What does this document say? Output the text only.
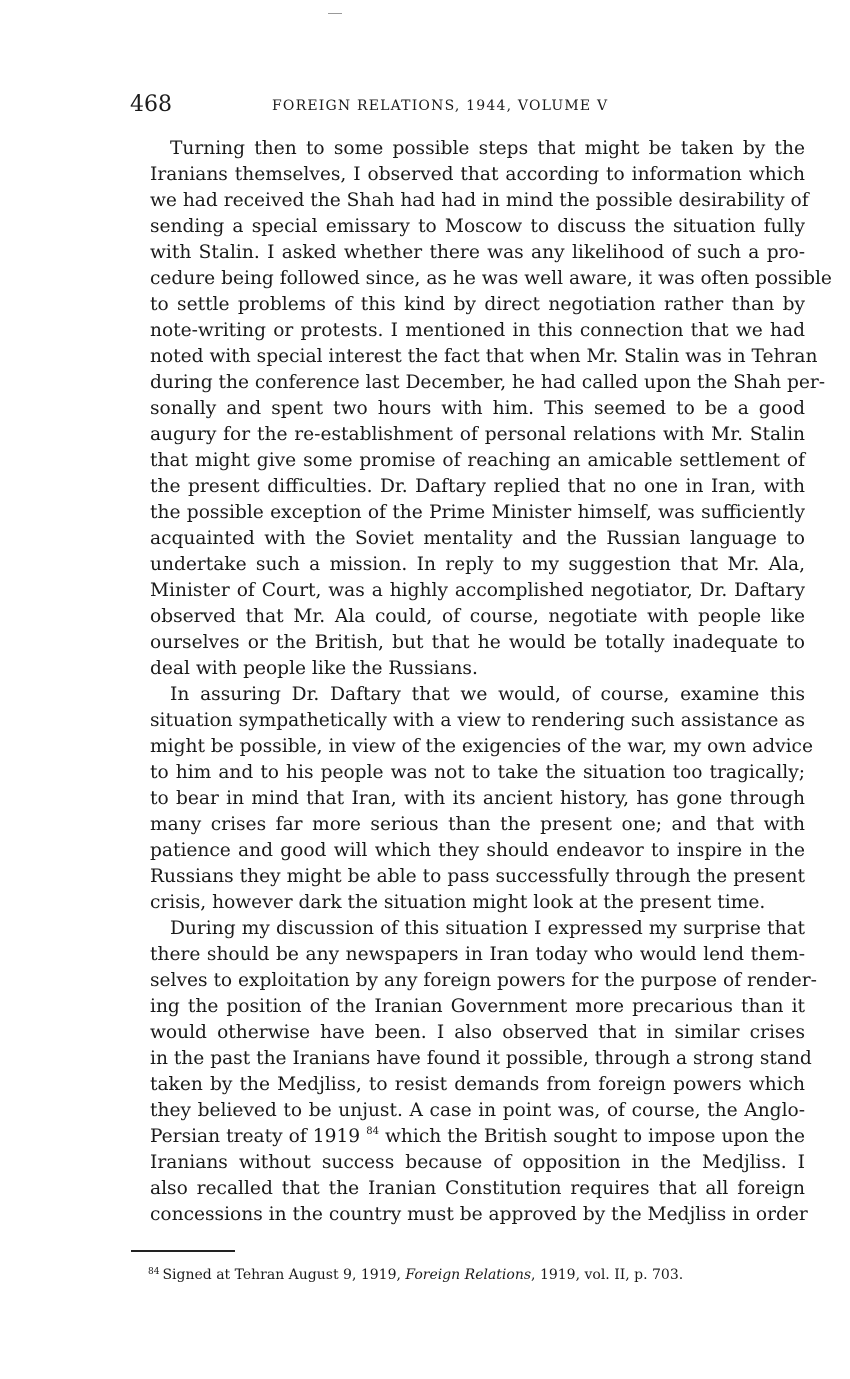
468	FOREIGN RELATIONS, 1944, VOLUME V

Turning then to some possible steps that might be taken by the
Iranians themselves, I observed that according to information which
we had received the Shah had had in mind the possible desirability of
sending a special emissary to Moscow to discuss the situation fully
with Stalin. I asked whether there was any likelihood of such a pro-
cedure being followed since, as he was well aware, it was often possible
to settle problems of this kind by direct negotiation rather than by
note-writing or protests. I mentioned in this connection that we had
noted with special interest the fact that when Mr. Stalin was in Tehran
during the conference last December, he had called upon the Shah per-
sonally and spent two hours with him. This seemed to be a good
augury for the re-establishment of personal relations with Mr. Stalin
that might give some promise of reaching an amicable settlement of
the present difficulties. Dr. Daftary replied that no one in Iran, with
the possible exception of the Prime Minister himself, was sufficiently
acquainted with the Soviet mentality and the Russian language to
undertake such a mission. In reply to my suggestion that Mr. Ala,
Minister of Court, was a highly accomplished negotiator, Dr. Daftary
observed that Mr. Ala could, of course, negotiate with people like
ourselves or the British, but that he would be totally inadequate to
deal with people like the Russians.

In assuring Dr. Daftary that we would, of course, examine this
situation sympathetically with a view to rendering such assistance as
might be possible, in view of the exigencies of the war, my own advice
to him and to his people was not to take the situation too tragically;
to bear in mind that Iran, with its ancient history, has gone through
many crises far more serious than the present one; and that with
patience and good will which they should endeavor to inspire in the
Russians they might be able to pass successfully through the present
crisis, however dark the situation might look at the present time.

During my discussion of this situation I expressed my surprise that
there should be any newspapers in Iran today who would lend them-
selves to exploitation by any foreign powers for the purpose of render-
ing the position of the Iranian Government more precarious than it
would otherwise have been. I also observed that in similar crises
in the past the Iranians have found it possible, through a strong stand
taken by the Medjliss, to resist demands from foreign powers which
they believed to be unjust. A case in point was, of course, the Anglo-
Persian treaty of 1919 $^{84}$ which the British sought to impose upon the
Iranians without success because of opposition in the Medjliss. I
also recalled that the Iranian Constitution requires that all foreign
concessions in the country must be approved by the Medjliss in order

$^{84}$ Signed at Tehran August 9, 1919, Foreign Relations, 1919, vol. II, p. 703.
